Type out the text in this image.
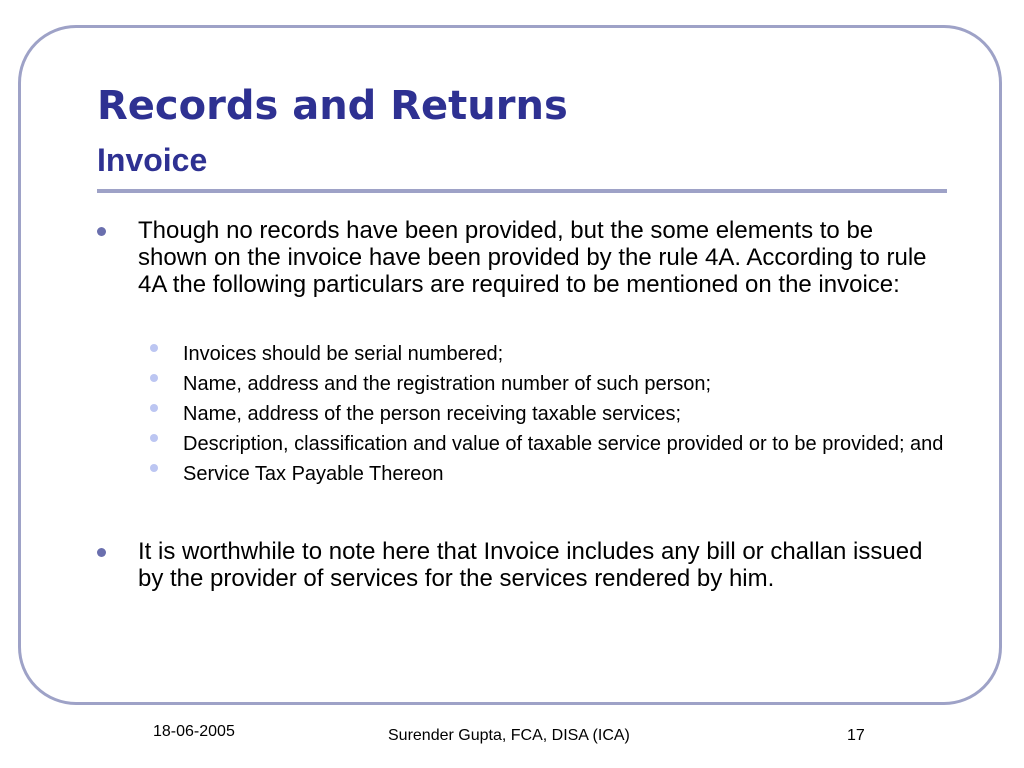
Records and Returns
Invoice
Though no records have been provided, but the some elements to be shown on the invoice have been provided by the rule 4A. According to rule 4A the following particulars are required to be mentioned on the invoice:
Invoices should be serial numbered;
Name, address and the registration number of such person;
Name, address of the person receiving taxable services;
Description, classification and value of taxable service provided or to be provided; and
Service Tax Payable Thereon
It is worthwhile to note here that Invoice includes any bill or challan issued by the provider of services for the services rendered by him.
18-06-2005	Surender Gupta, FCA, DISA (ICA)	17
